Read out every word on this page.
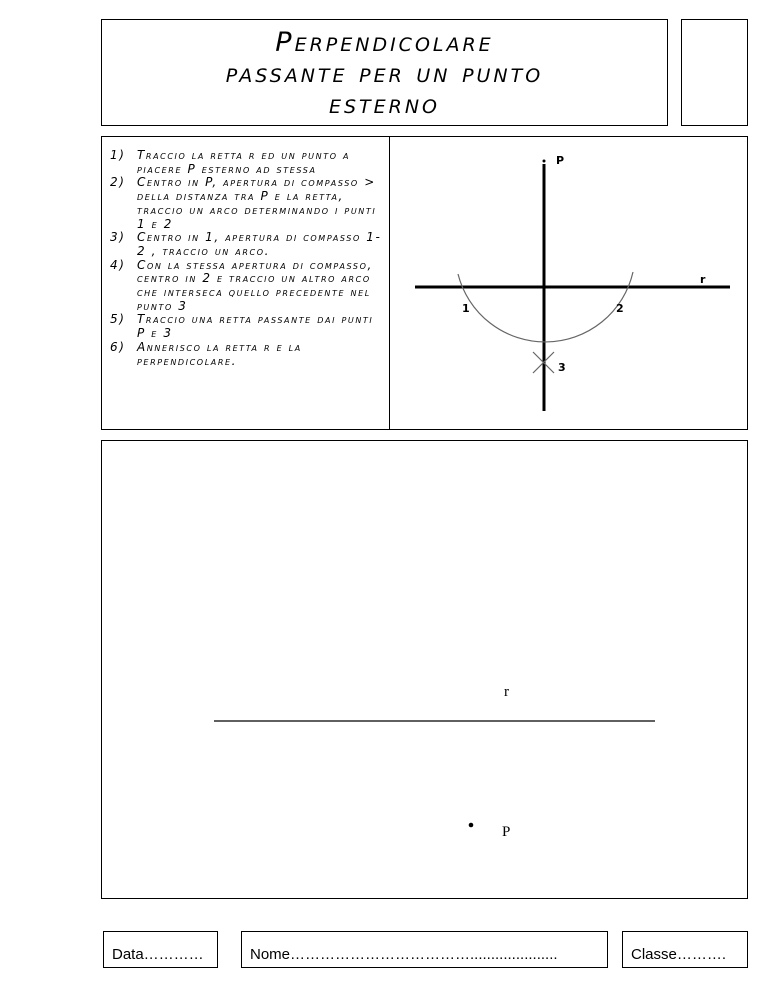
Perpendicolare
passante per un punto
esterno
1) Traccio la retta r ed un punto a piacere P esterno ad stessa
2) Centro in P, apertura di compasso > della distanza tra P e la retta, traccio un arco determinando i punti 1 e 2
3) Centro in 1, apertura di compasso 1-2 , traccio un arco.
4) Con la stessa apertura di compasso, centro in 2 e traccio un altro arco che interseca quello precedente nel punto 3
5) Traccio una retta passante dai punti P e 3
6) Annerisco la retta r e la perpendicolare.
P
r
1	2
3
r
P
Data…………	Nome……………………………….....................	Classe……….
